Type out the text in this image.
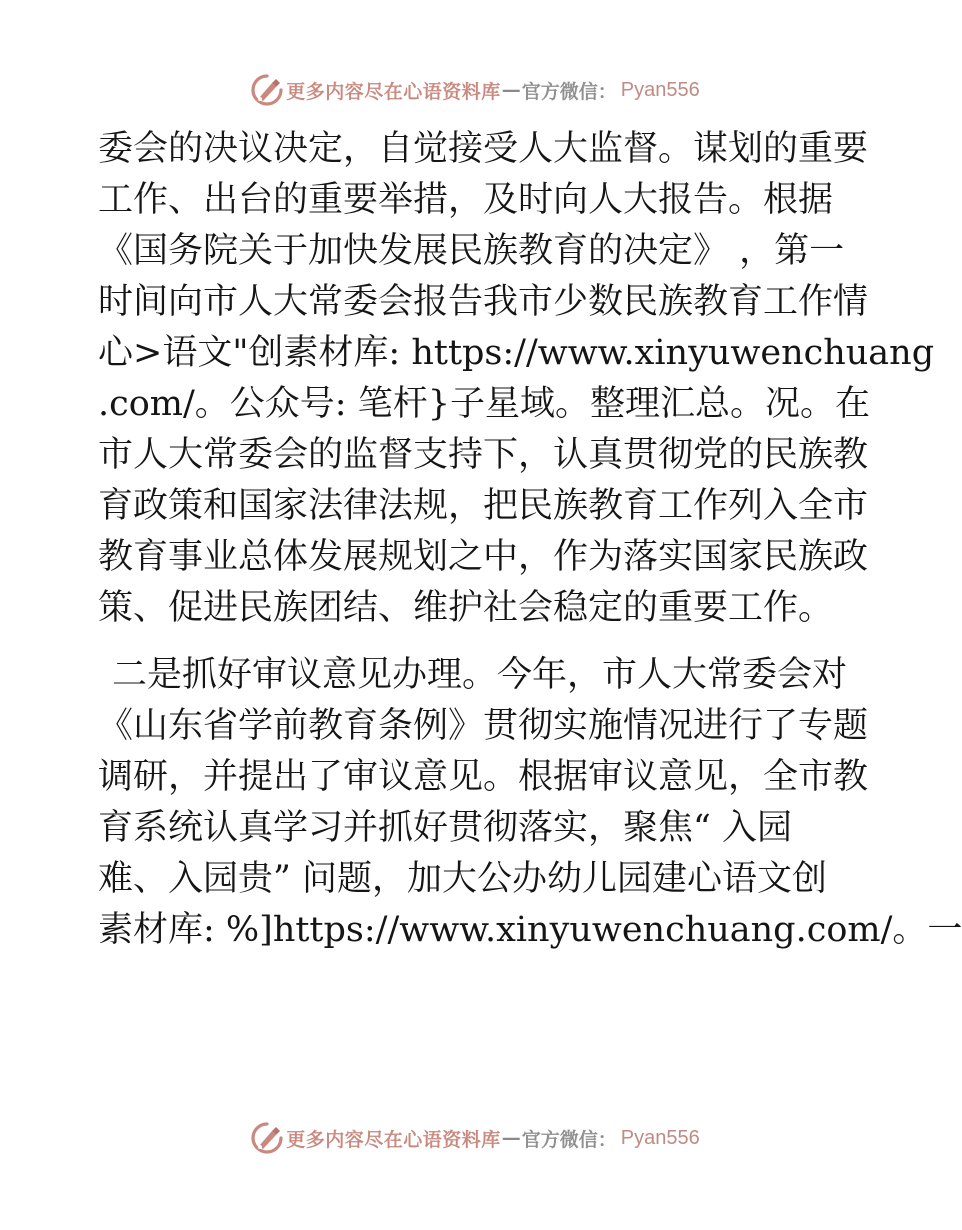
更多内容尽在心语资料库 — 官方微信 ： Pyan556
委会的决议决定，自觉接受人大监督。谋划的重要
工作、出台的重要举措，及时向人大报告。根据
《国务院关于加快发展民族教育的决定》 ，第一
时间向市人大常委会报告我市少数民族教育工作情
心>语文"创素材库: https://www.xinyuwenchuang
.com/。公众号: 笔杆}子星域。整理汇总。况。在
市人大常委会的监督支持下，认真贯彻党的民族教
育政策和国家法律法规，把民族教育工作列入全市
教育事业总体发展规划之中，作为落实国家民族政
策、促进民族团结、维护社会稳定的重要工作。
二是抓好审议意见办理。今年，市人大常委会对
《山东省学前教育条例》贯彻实施情况进行了专题
调研，并提出了审议意见。根据审议意见，全市教
育系统认真学习并抓好贯彻落实，聚焦“ 入园
难、入园贵” 问题，加大公办幼儿园建心语文创
素材库: %]https://www.xinyuwenchuang.com/。一
更多内容尽在心语资料库 — 官方微信 ： Pyan556
